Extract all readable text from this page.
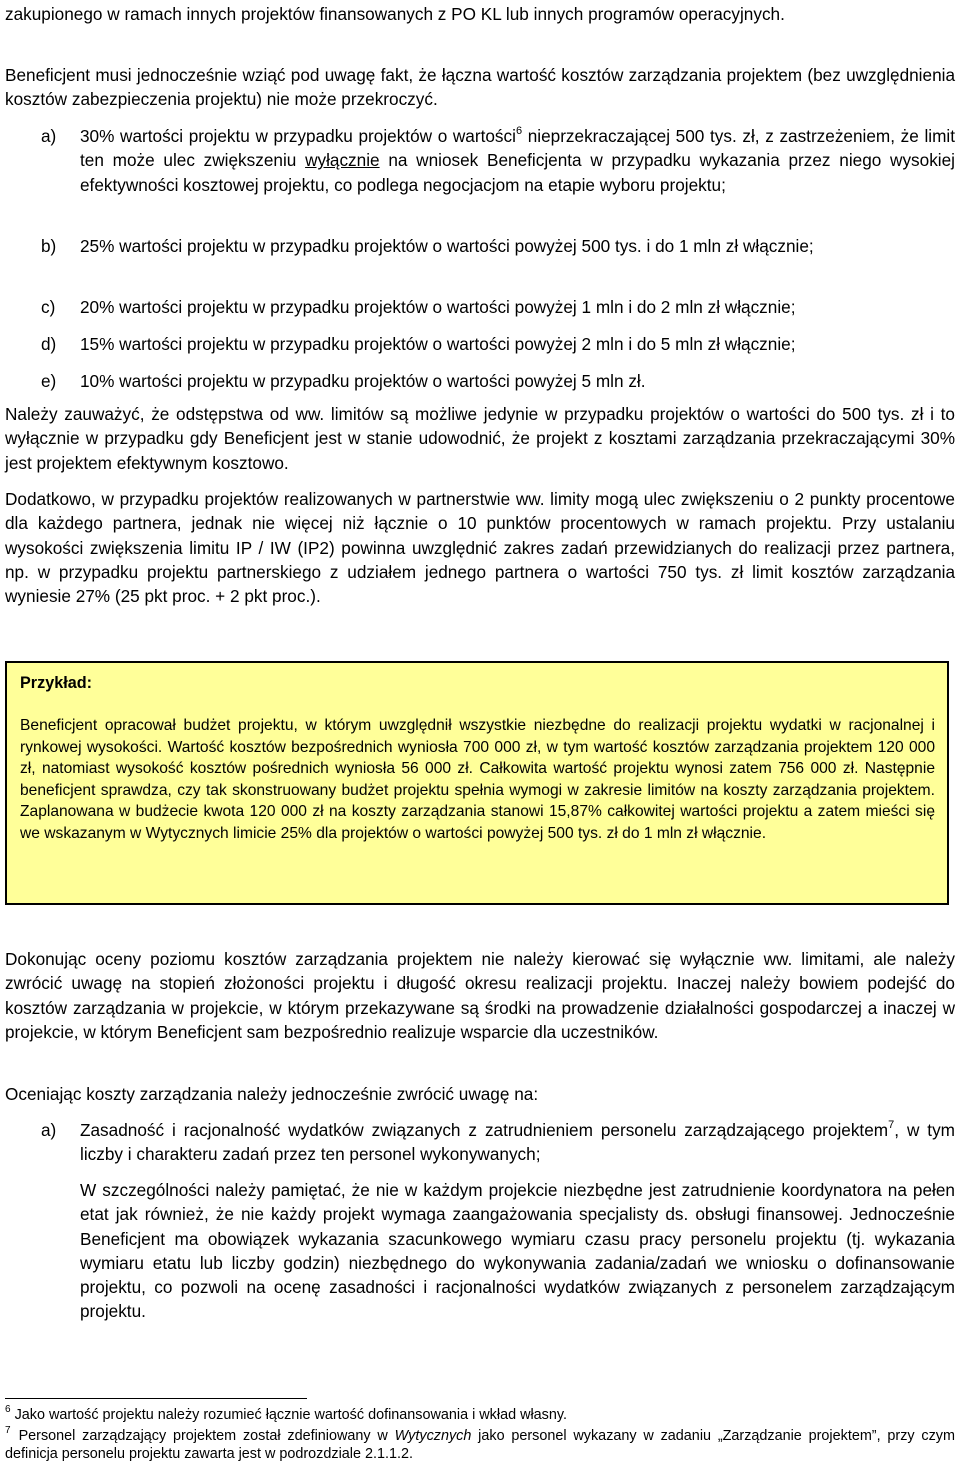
zakupionego w ramach innych projektów finansowanych z PO KL lub innych programów operacyjnych.

Beneficjent musi jednocześnie wziąć pod uwagę fakt, że łączna wartość kosztów zarządzania projektem (bez uwzględnienia kosztów zabezpieczenia projektu) nie może przekroczyć.

a) 30% wartości projektu w przypadku projektów o wartości$^6$ nieprzekraczającej 500 tys. zł, z zastrzeżeniem, że limit ten może ulec zwiększeniu wyłącznie na wniosek Beneficjenta w przypadku wykazania przez niego wysokiej efektywności kosztowej projektu, co podlega negocjacjom na etapie wyboru projektu;

b) 25% wartości projektu w przypadku projektów o wartości powyżej 500 tys. i do 1 mln zł włącznie;

c) 20% wartości projektu w przypadku projektów o wartości powyżej 1 mln i do 2 mln zł włącznie;

d) 15% wartości projektu w przypadku projektów o wartości powyżej 2 mln i do 5 mln zł włącznie;

e) 10% wartości projektu w przypadku projektów o wartości powyżej 5 mln zł.

Należy zauważyć, że odstępstwa od ww. limitów są możliwe jedynie w przypadku projektów o wartości do 500 tys. zł i to wyłącznie w przypadku gdy Beneficjent jest w stanie udowodnić, że projekt z kosztami zarządzania przekraczającymi 30% jest projektem efektywnym kosztowo.

Dodatkowo, w przypadku projektów realizowanych w partnerstwie ww. limity mogą ulec zwiększeniu o 2 punkty procentowe dla każdego partnera, jednak nie więcej niż łącznie o 10 punktów procentowych w ramach projektu. Przy ustalaniu wysokości zwiększenia limitu IP / IW (IP2) powinna uwzględnić zakres zadań przewidzianych do realizacji przez partnera, np. w przypadku projektu partnerskiego z udziałem jednego partnera o wartości 750 tys. zł limit kosztów zarządzania wyniesie 27% (25 pkt proc. + 2 pkt proc.).

Dokonując oceny poziomu kosztów zarządzania projektem nie należy kierować się wyłącznie ww. limitami, ale należy zwrócić uwagę na stopień złożoności projektu i długość okresu realizacji projektu. Inaczej należy bowiem podejść do kosztów zarządzania w projekcie, w którym przekazywane są środki na prowadzenie działalności gospodarczej a inaczej w projekcie, w którym Beneficjent sam bezpośrednio realizuje wsparcie dla uczestników.

Oceniając koszty zarządzania należy jednocześnie zwrócić uwagę na:

a) Zasadność i racjonalność wydatków związanych z zatrudnieniem personelu zarządzającego projektem$^7$, w tym liczby i charakteru zadań przez ten personel wykonywanych;

W szczególności należy pamiętać, że nie w każdym projekcie niezbędne jest zatrudnienie koordynatora na pełen etat jak również, że nie każdy projekt wymaga zaangażowania specjalisty ds. obsługi finansowej. Jednocześnie Beneficjent ma obowiązek wykazania szacunkowego wymiaru czasu pracy personelu projektu (tj. wykazania wymiaru etatu lub liczby godzin) niezbędnego do wykonywania zadania/zadań we wniosku o dofinansowanie projektu, co pozwoli na ocenę zasadności i racjonalności wydatków związanych z personelem zarządzającym projektu.

Przykład:

Beneficjent opracował budżet projektu, w którym uwzględnił wszystkie niezbędne do realizacji projektu wydatki w racjonalnej i rynkowej wysokości. Wartość kosztów bezpośrednich wyniosła 700 000 zł, w tym wartość kosztów zarządzania projektem 120 000 zł, natomiast wysokość kosztów pośrednich wyniosła 56 000 zł. Całkowita wartość projektu wynosi zatem 756 000 zł. Następnie beneficjent sprawdza, czy tak skonstruowany budżet projektu spełnia wymogi w zakresie limitów na koszty zarządzania projektem. Zaplanowana w budżecie kwota 120 000 zł na koszty zarządzania stanowi 15,87% całkowitej wartości projektu a zatem mieści się we wskazanym w Wytycznych limicie 25% dla projektów o wartości powyżej 500 tys. zł do 1 mln zł włącznie.

$^6$ Jako wartość projektu należy rozumieć łącznie wartość dofinansowania i wkład własny.

$^7$ Personel zarządzający projektem został zdefiniowany w Wytycznych jako personel wykazany w zadaniu „Zarządzanie projektem”, przy czym definicja personelu projektu zawarta jest w podrozdziale 2.1.1.2.
